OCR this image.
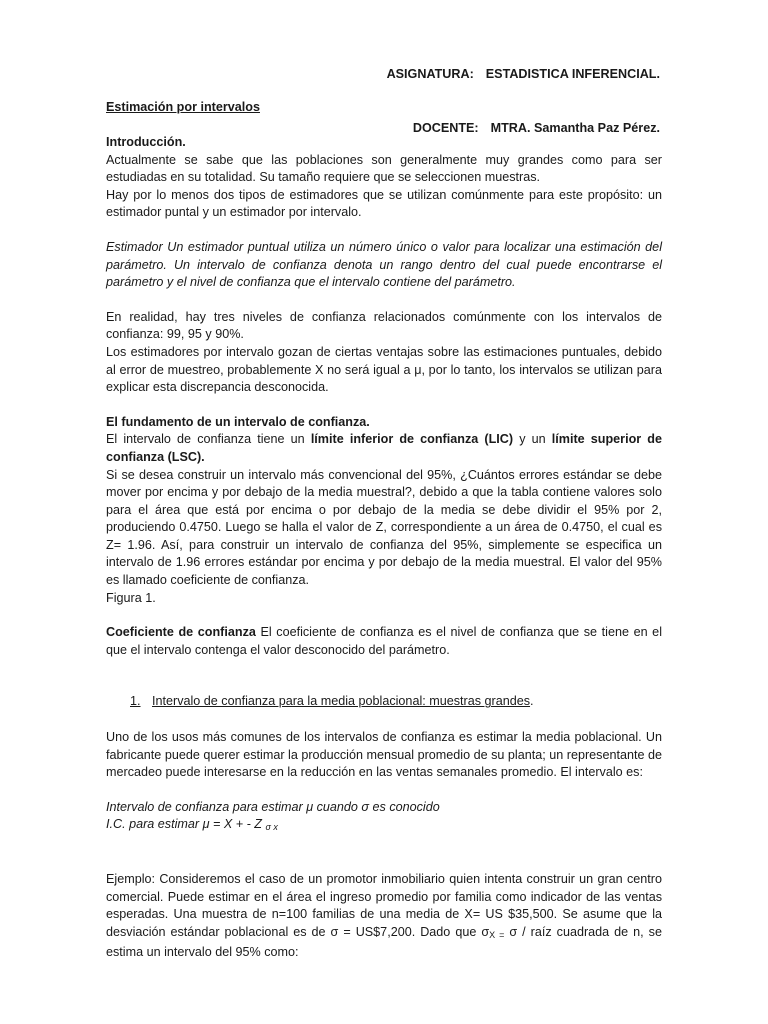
ASIGNATURA: ESTADISTICA INFERENCIAL.

DOCENTE: MTRA. Samantha Paz Pérez.

Estimación por intervalos

Introducción.

Actualmente se sabe que las poblaciones son generalmente muy grandes como para ser estudiadas en su totalidad. Su tamaño requiere que se seleccionen muestras.

Hay por lo menos dos tipos de estimadores que se utilizan comúnmente para este propósito: un estimador puntal y un estimador por intervalo.

Estimador Un estimador puntual utiliza un número único o valor para localizar una estimación del parámetro. Un intervalo de confianza denota un rango dentro del cual puede encontrarse el parámetro y el nivel de confianza que el intervalo contiene del parámetro.

En realidad, hay tres niveles de confianza relacionados comúnmente con los intervalos de confianza: 99, 95 y 90%.

Los estimadores por intervalo gozan de ciertas ventajas sobre las estimaciones puntuales, debido al error de muestreo, probablemente X no será igual a μ, por lo tanto, los intervalos se utilizan para explicar esta discrepancia desconocida.

El fundamento de un intervalo de confianza.

El intervalo de confianza tiene un límite inferior de confianza (LIC) y un límite superior de confianza (LSC).

Si se desea construir un intervalo más convencional del 95%, ¿Cuántos errores estándar se debe mover por encima y por debajo de la media muestral?, debido a que la tabla contiene valores solo para el área que está por encima o por debajo de la media se debe dividir el 95% por 2, produciendo 0.4750. Luego se halla el valor de Z, correspondiente a un área de 0.4750, el cual es Z= 1.96. Así, para construir un intervalo de confianza del 95%, simplemente se especifica un intervalo de 1.96 errores estándar por encima y por debajo de la media muestral. El valor del 95% es llamado coeficiente de confianza.

Figura 1.

Coeficiente de confianza El coeficiente de confianza es el nivel de confianza que se tiene en el que el intervalo contenga el valor desconocido del parámetro.

1. Intervalo de confianza para la media poblacional: muestras grandes.

Uno de los usos más comunes de los intervalos de confianza es estimar la media poblacional. Un fabricante puede querer estimar la producción mensual promedio de su planta; un representante de mercadeo puede interesarse en la reducción en las ventas semanales promedio. El intervalo es:

Intervalo de confianza para estimar μ cuando σ es conocido

I.C. para estimar μ = X + - Z $_{\sigma x}$

Ejemplo: Consideremos el caso de un promotor inmobiliario quien intenta construir un gran centro comercial. Puede estimar en el área el ingreso promedio por familia como indicador de las ventas esperadas. Una muestra de n=100 familias de una media de X= US $35,500. Se asume que la desviación estándar poblacional es de σ = US$7,200. Dado que $\sigma_{X =}$ σ / raíz cuadrada de n, se estima un intervalo del 95% como:
